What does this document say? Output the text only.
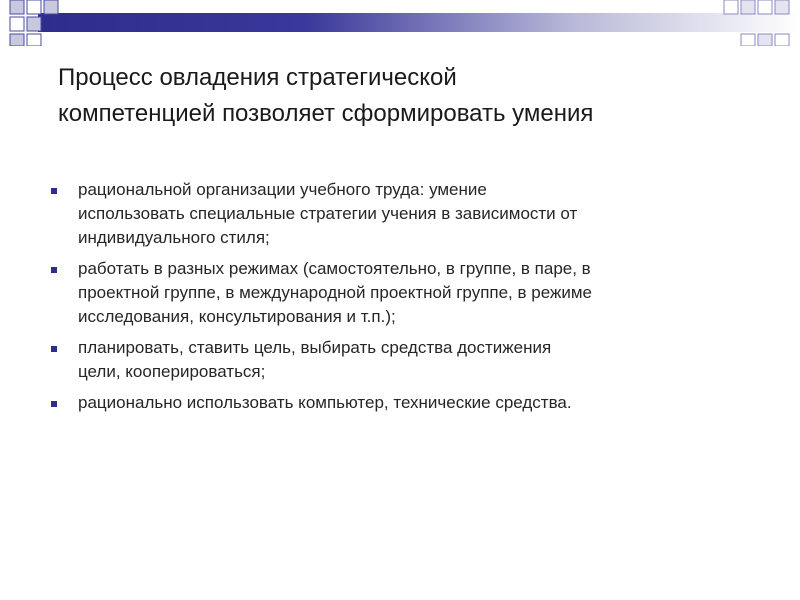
Процесс овладения стратегической
компетенцией позволяет сформировать умения
рациональной организации учебного труда: умение
использовать специальные стратегии учения в зависимости от
индивидуального стиля;
работать в разных режимах (самостоятельно, в группе, в паре, в
проектной группе, в международной проектной группе, в режиме
исследования, консультирования и т.п.);
планировать, ставить цель, выбирать средства достижения
цели, кооперироваться;
рационально использовать компьютер, технические средства.
